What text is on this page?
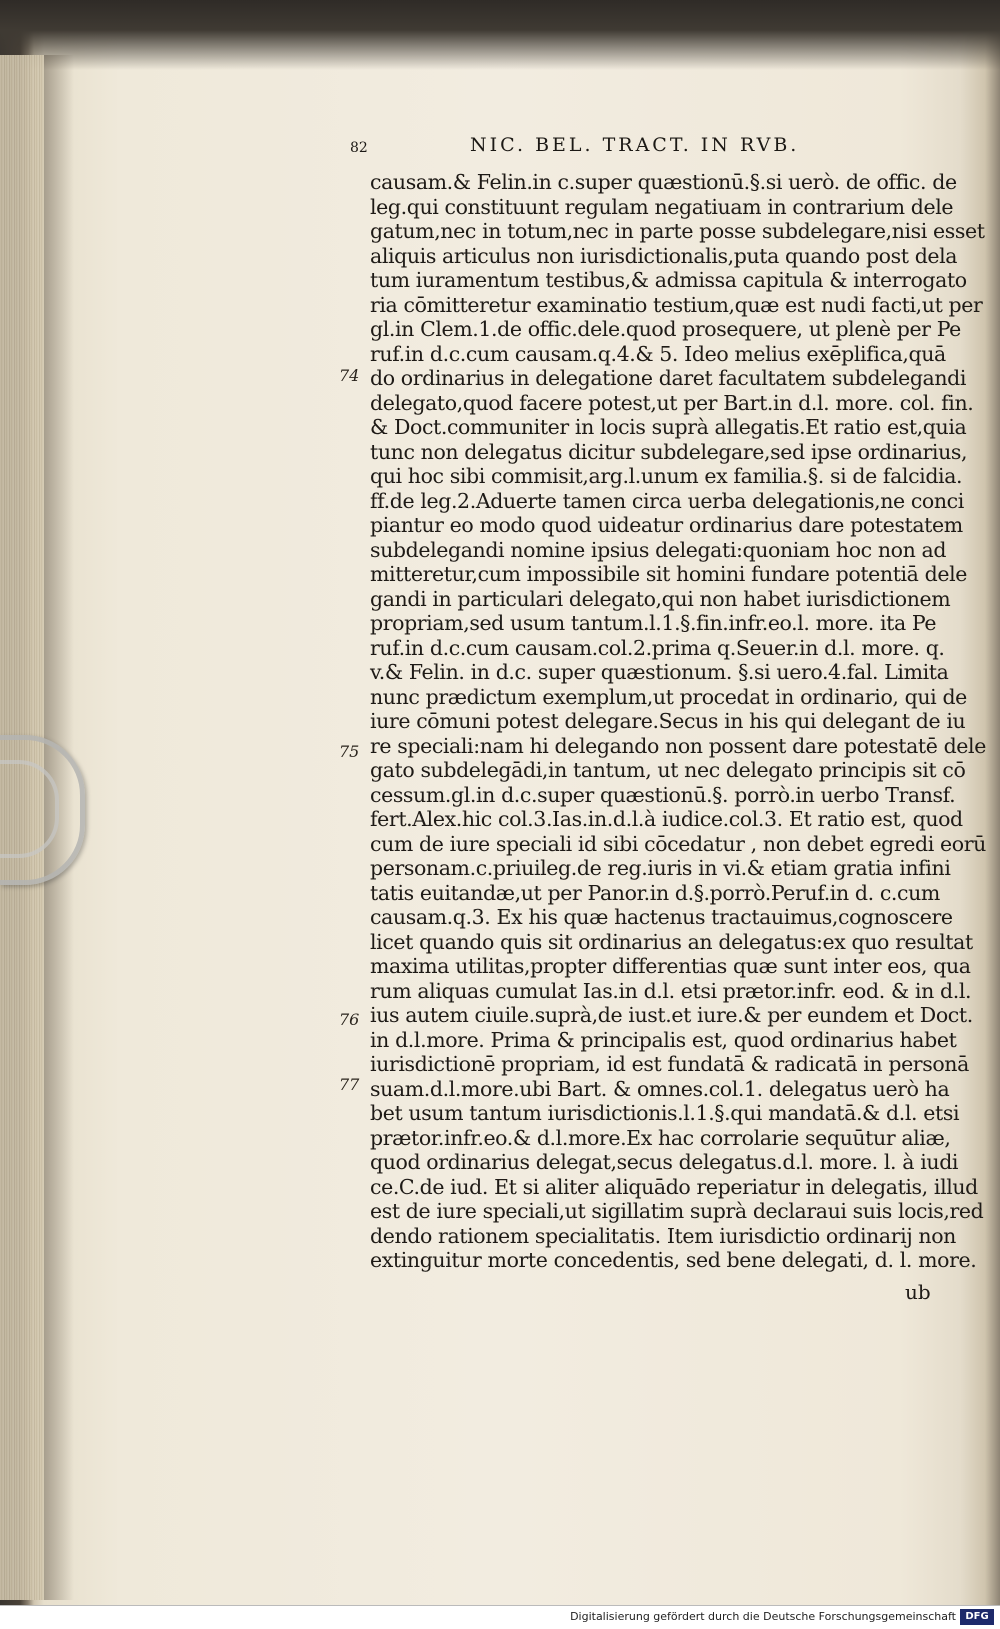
82	NIC. BEL. TRACT. IN RVB.
74
75
76
77
causam.& Felin.in c.super quæstionū.§.si uerò. de offic. de
leg.qui constituunt regulam negatiuam in contrarium dele
gatum,nec in totum,nec in parte posse subdelegare,nisi esset
aliquis articulus non iurisdictionalis,puta quando post dela
tum iuramentum testibus,& admissa capitula & interrogato
ria cōmitteretur examinatio testium,quæ est nudi facti,ut per
gl.in Clem.1.de offic.dele.quod prosequere, ut plenè per Pe
ruf.in d.c.cum causam.q.4.& 5. Ideo melius exēplifica,quā
do ordinarius in delegatione daret facultatem subdelegandi
delegato,quod facere potest,ut per Bart.in d.l. more. col. fin.
& Doct.communiter in locis suprà allegatis.Et ratio est,quia
tunc non delegatus dicitur subdelegare,sed ipse ordinarius,
qui hoc sibi commisit,arg.l.unum ex familia.§. si de falcidia.
ff.de leg.2.Aduerte tamen circa uerba delegationis,ne conci
piantur eo modo quod uideatur ordinarius dare potestatem
subdelegandi nomine ipsius delegati:quoniam hoc non ad
mitteretur,cum impossibile sit homini fundare potentiā dele
gandi in particulari delegato,qui non habet iurisdictionem
propriam,sed usum tantum.l.1.§.fin.infr.eo.l. more. ita Pe
ruf.in d.c.cum causam.col.2.prima q.Seuer.in d.l. more. q.
v.& Felin. in d.c. super quæstionum. §.si uero.4.fal. Limita
nunc prædictum exemplum,ut procedat in ordinario, qui de
iure cōmuni potest delegare.Secus in his qui delegant de iu
re speciali:nam hi delegando non possent dare potestatē dele
gato subdelegādi,in tantum, ut nec delegato principis sit cō
cessum.gl.in d.c.super quæstionū.§. porrò.in uerbo Transf.
fert.Alex.hic col.3.Ias.in.d.l.à iudice.col.3. Et ratio est, quod
cum de iure speciali id sibi cōcedatur , non debet egredi eorū
personam.c.priuileg.de reg.iuris in vi.& etiam gratia infini
tatis euitandæ,ut per Panor.in d.§.porrò.Peruf.in d. c.cum
causam.q.3. Ex his quæ hactenus tractauimus,cognoscere
licet quando quis sit ordinarius an delegatus:ex quo resultat
maxima utilitas,propter differentias quæ sunt inter eos, qua
rum aliquas cumulat Ias.in d.l. etsi prætor.infr. eod. & in d.l.
ius autem ciuile.suprà,de iust.et iure.& per eundem et Doct.
in d.l.more. Prima & principalis est, quod ordinarius habet
iurisdictionē propriam, id est fundatā & radicatā in personā
suam.d.l.more.ubi Bart. & omnes.col.1. delegatus uerò ha
bet usum tantum iurisdictionis.l.1.§.qui mandatā.& d.l. etsi
prætor.infr.eo.& d.l.more.Ex hac corrolarie sequūtur aliæ,
quod ordinarius delegat,secus delegatus.d.l. more. l. à iudi
ce.C.de iud. Et si aliter aliquādo reperiatur in delegatis, illud
est de iure speciali,ut sigillatim suprà declaraui suis locis,red
dendo rationem specialitatis. Item iurisdictio ordinarij non
extinguitur morte concedentis, sed bene delegati, d. l. more.
ub
Digitalisierung gefördert durch die Deutsche Forschungsgemeinschaft DFG
